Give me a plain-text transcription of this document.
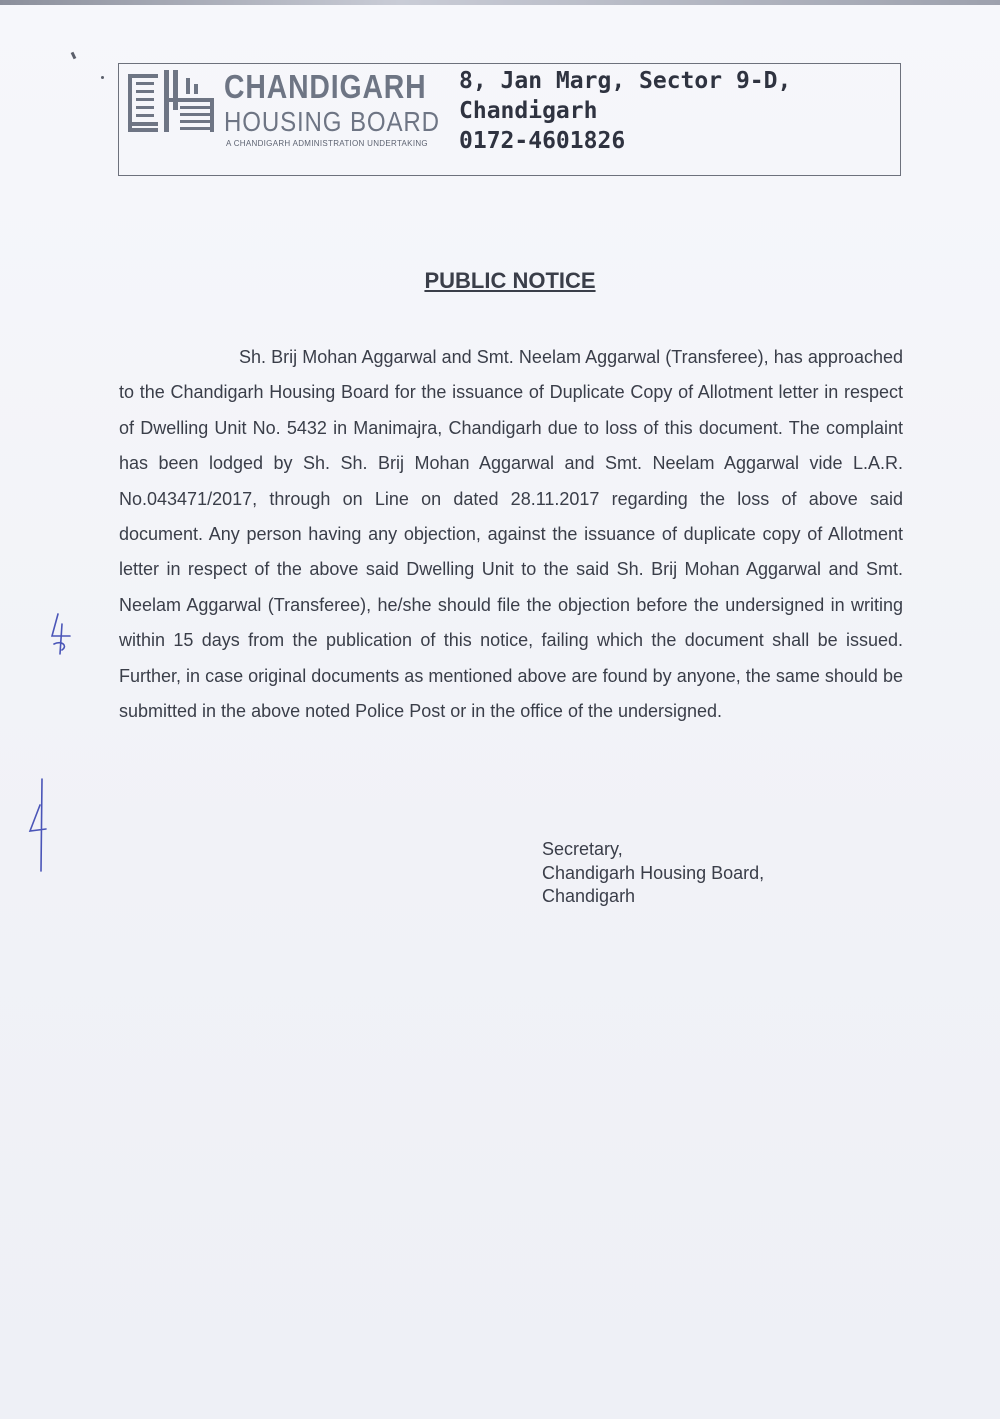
CHANDIGARH
HOUSING BOARD
A CHANDIGARH ADMINISTRATION UNDERTAKING
8, Jan Marg, Sector 9-D,
Chandigarh
0172-4601826
PUBLIC NOTICE

Sh. Brij Mohan Aggarwal and Smt. Neelam Aggarwal (Transferee), has approached to the Chandigarh Housing Board for the issuance of Duplicate Copy of Allotment letter in respect of Dwelling Unit No. 5432 in Manimajra, Chandigarh due to loss of this document. The complaint has been lodged by Sh. Sh. Brij Mohan Aggarwal and Smt. Neelam Aggarwal vide L.A.R. No.043471/2017, through on Line on dated 28.11.2017 regarding the loss of above said document. Any person having any objection, against the issuance of duplicate copy of Allotment letter in respect of the above said Dwelling Unit to the said Sh. Brij Mohan Aggarwal and Smt. Neelam Aggarwal (Transferee), he/she should file the objection before the undersigned in writing within 15 days from the publication of this notice, failing which the document shall be issued. Further, in case original documents as mentioned above are found by anyone, the same should be submitted in the above noted Police Post or in the office of the undersigned.

Secretary,
Chandigarh Housing Board,
Chandigarh
